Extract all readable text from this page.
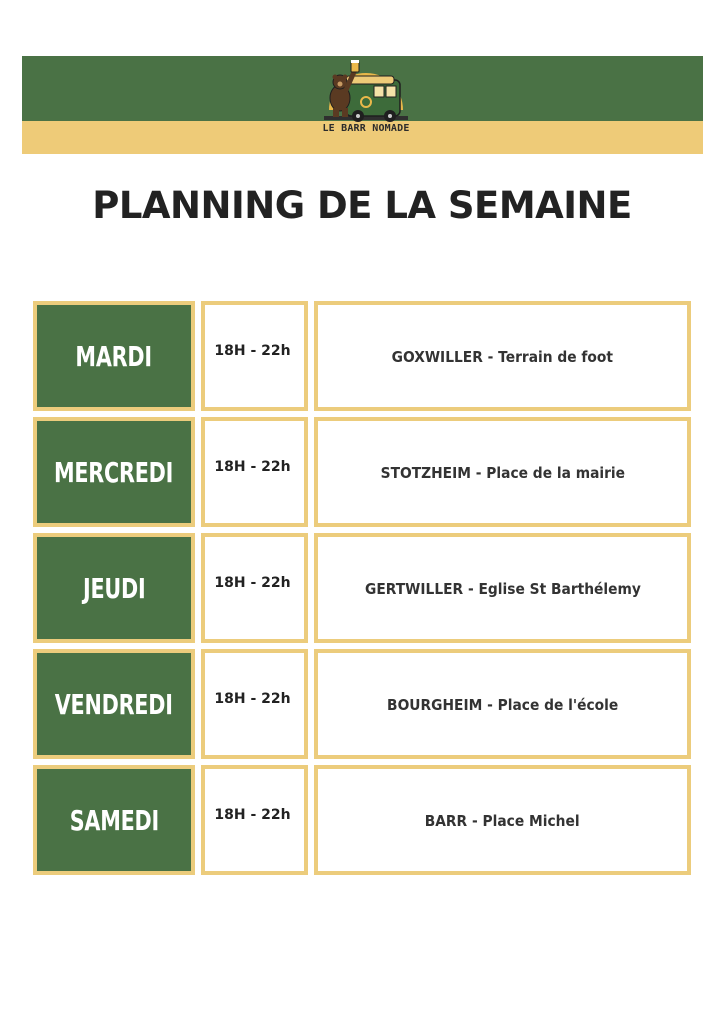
LE BARR NOMADE
PLANNING DE LA SEMAINE
MARDI	18H - 22h	GOXWILLER - Terrain de foot
MERCREDI	18H - 22h	STOTZHEIM - Place de la mairie
JEUDI	18H - 22h	GERTWILLER - Eglise St Barthélemy
VENDREDI	18H - 22h	BOURGHEIM - Place de l'école
SAMEDI	18H - 22h	BARR - Place Michel
